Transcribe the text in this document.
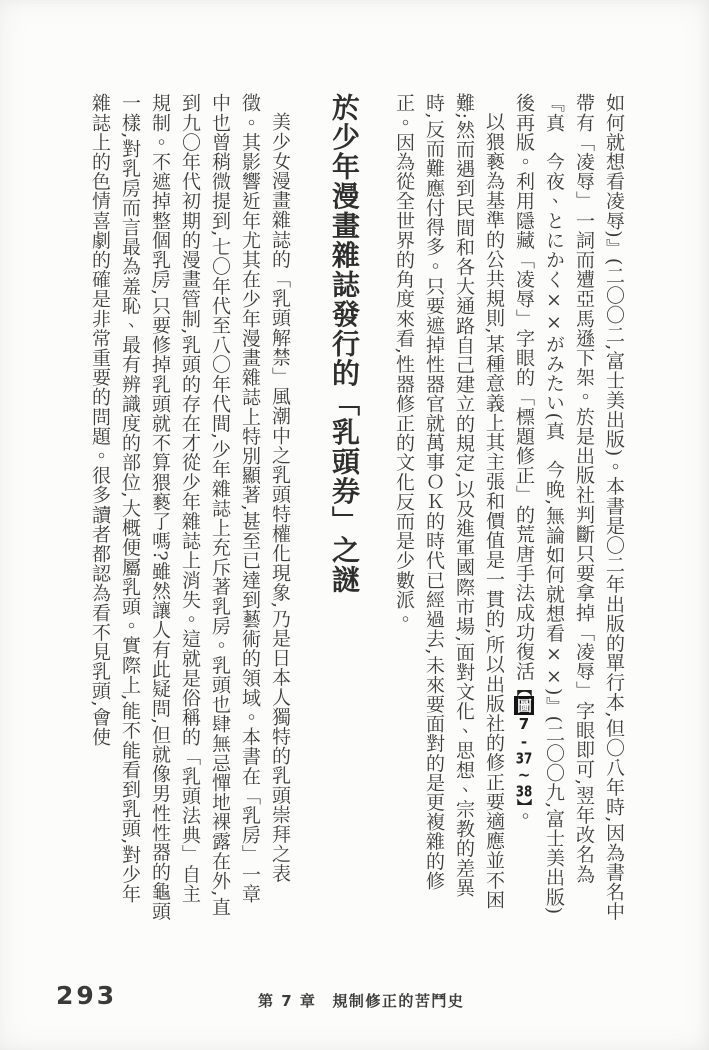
如何就想看凌辱)』(二〇〇二,富士美出版)。本書是〇二年出版的單行本,但〇八年時,因為書名中帶有「凌辱」一詞而遭亞馬遜下架。於是出版社判斷只要拿掉「凌辱」字眼即可,翌年改名為『真　今夜、とにかく××がみたい(真　今晚,無論如何就想看××)』(二〇〇九,富士美出版)後再版。利用隱藏「凌辱」字眼的「標題修正」的荒唐手法成功復活【圖7-37~38】。

以猥褻為基準的公共規則,某種意義上其主張和價值是一貫的,所以出版社的修正要適應並不困難;然而遇到民間和各大通路自己建立的規定,以及進軍國際市場,面對文化、思想、宗教的差異時,反而難應付得多。只要遮掉性器官就萬事ＯＫ的時代已經過去,未來要面對的是更複雜的修正。因為從全世界的角度來看,性器修正的文化反而是少數派。

於少年漫畫雜誌發行的「乳頭券」之謎

美少女漫畫雜誌的「乳頭解禁」風潮中之乳頭特權化現象,乃是日本人獨特的乳頭崇拜之表徵。其影響近年尤其在少年漫畫雜誌上特別顯著,甚至已達到藝術的領域。本書在「乳房」一章中也曾稍微提到,七〇年代至八〇年代間,少年雜誌上充斥著乳房。乳頭也肆無忌憚地裸露在外,直到九〇年代初期的漫畫管制,乳頭的存在才從少年雜誌上消失。這就是俗稱的「乳頭法典」自主規制。不遮掉整個乳房,只要修掉乳頭就不算猥褻了嗎?雖然讓人有此疑問,但就像男性性器的龜頭一樣,對乳房而言最為羞恥、最有辨識度的部位,大概便屬乳頭。實際上,能不能看到乳頭,對少年雜誌上的色情喜劇的確是非常重要的問題。很多讀者都認為看不見乳頭,會使

293	第 7 章 規制修正的苦鬥史
